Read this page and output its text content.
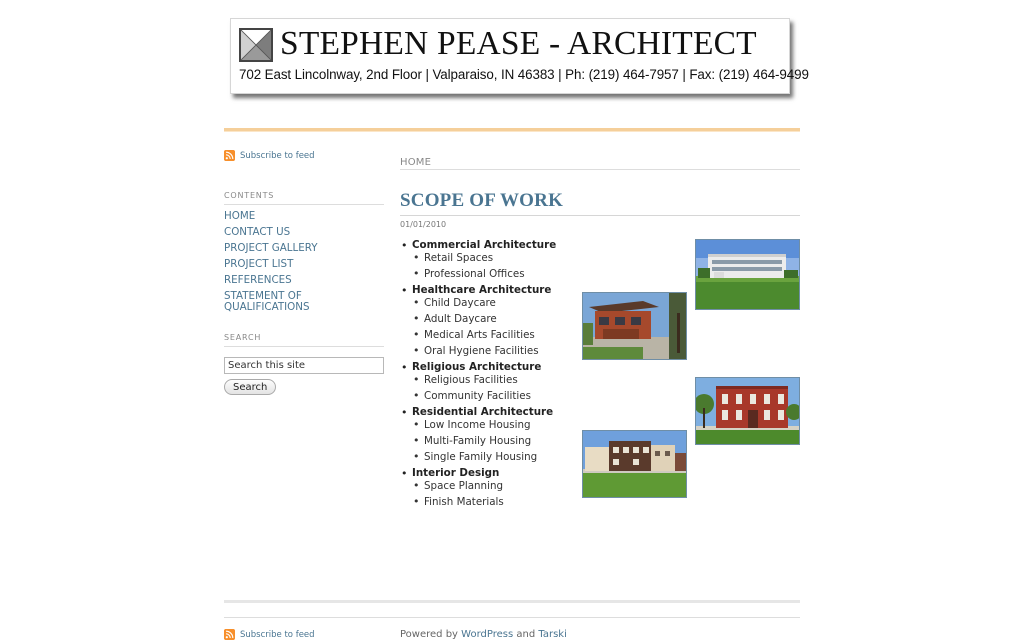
STEPHEN PEASE - ARCHITECT
702 East Lincolnway, 2nd Floor | Valparaiso, IN 46383 | Ph: (219) 464-7957 | Fax: (219) 464-9499
Subscribe to feed
CONTENTS
HOME
CONTACT US
PROJECT GALLERY
PROJECT LIST
REFERENCES
STATEMENT OF QUALIFICATIONS
SEARCH
Search this site
Search
HOME
SCOPE OF WORK
01/01/2010
• Commercial Architecture
• Retail Spaces
• Professional Offices
• Healthcare Architecture
• Child Daycare
• Adult Daycare
• Medical Arts Facilities
• Oral Hygiene Facilities
• Religious Architecture
• Religious Facilities
• Community Facilities
• Residential Architecture
• Low Income Housing
• Multi-Family Housing
• Single Family Housing
• Interior Design
• Space Planning
• Finish Materials
Subscribe to feed	Powered by WordPress and Tarski
